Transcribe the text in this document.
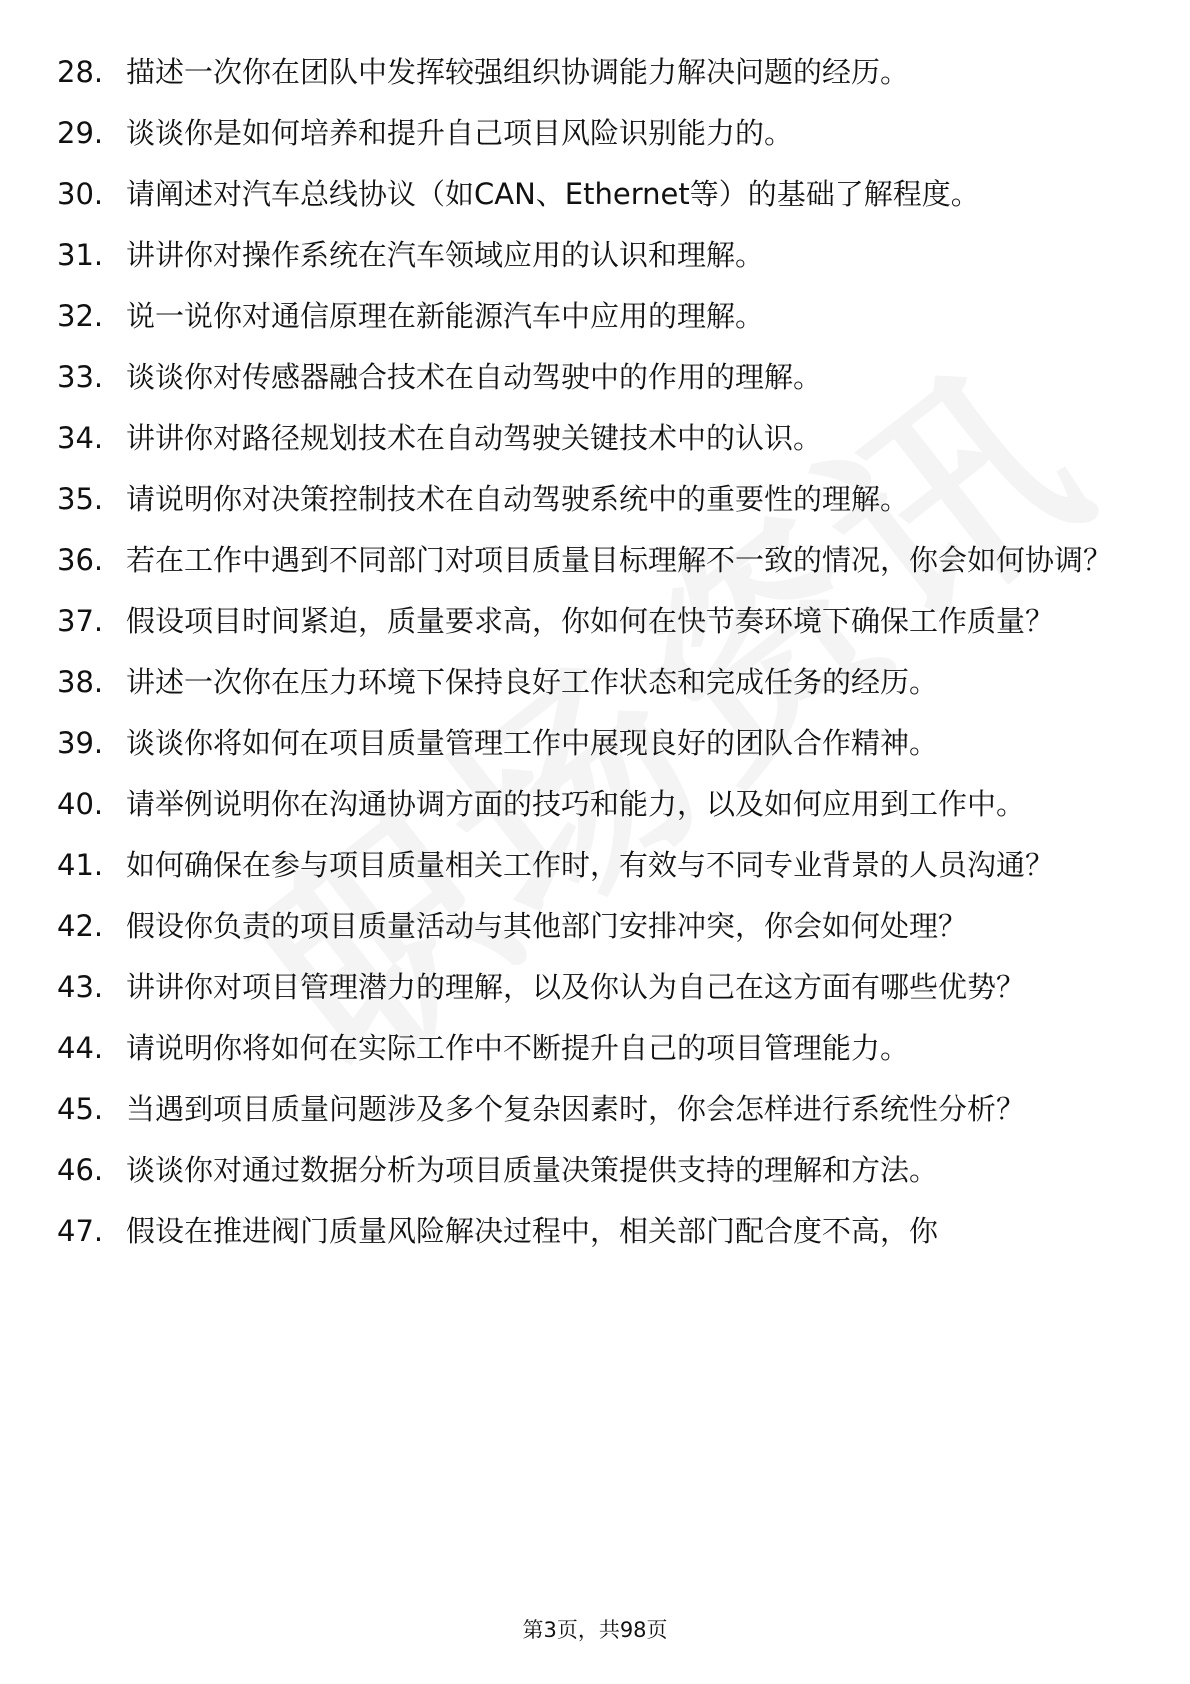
28. 描述一次你在团队中发挥较强组织协调能力解决问题的经历。
29. 谈谈你是如何培养和提升自己项目风险识别能力的。
30. 请阐述对汽车总线协议（如CAN、Ethernet等）的基础了解程度。
31. 讲讲你对操作系统在汽车领域应用的认识和理解。
32. 说一说你对通信原理在新能源汽车中应用的理解。
33. 谈谈你对传感器融合技术在自动驾驶中的作用的理解。
34. 讲讲你对路径规划技术在自动驾驶关键技术中的认识。
35. 请说明你对决策控制技术在自动驾驶系统中的重要性的理解。
36. 若在工作中遇到不同部门对项目质量目标理解不一致的情况，你会如何协调？
37. 假设项目时间紧迫，质量要求高，你如何在快节奏环境下确保工作质量？
38. 讲述一次你在压力环境下保持良好工作状态和完成任务的经历。
39. 谈谈你将如何在项目质量管理工作中展现良好的团队合作精神。
40. 请举例说明你在沟通协调方面的技巧和能力，以及如何应用到工作中。
41. 如何确保在参与项目质量相关工作时，有效与不同专业背景的人员沟通？
42. 假设你负责的项目质量活动与其他部门安排冲突，你会如何处理？
43. 讲讲你对项目管理潜力的理解，以及你认为自己在这方面有哪些优势？
44. 请说明你将如何在实际工作中不断提升自己的项目管理能力。
45. 当遇到项目质量问题涉及多个复杂因素时，你会怎样进行系统性分析？
46. 谈谈你对通过数据分析为项目质量决策提供支持的理解和方法。
47. 假设在推进阀门质量风险解决过程中，相关部门配合度不高，你
第3页，共98页
